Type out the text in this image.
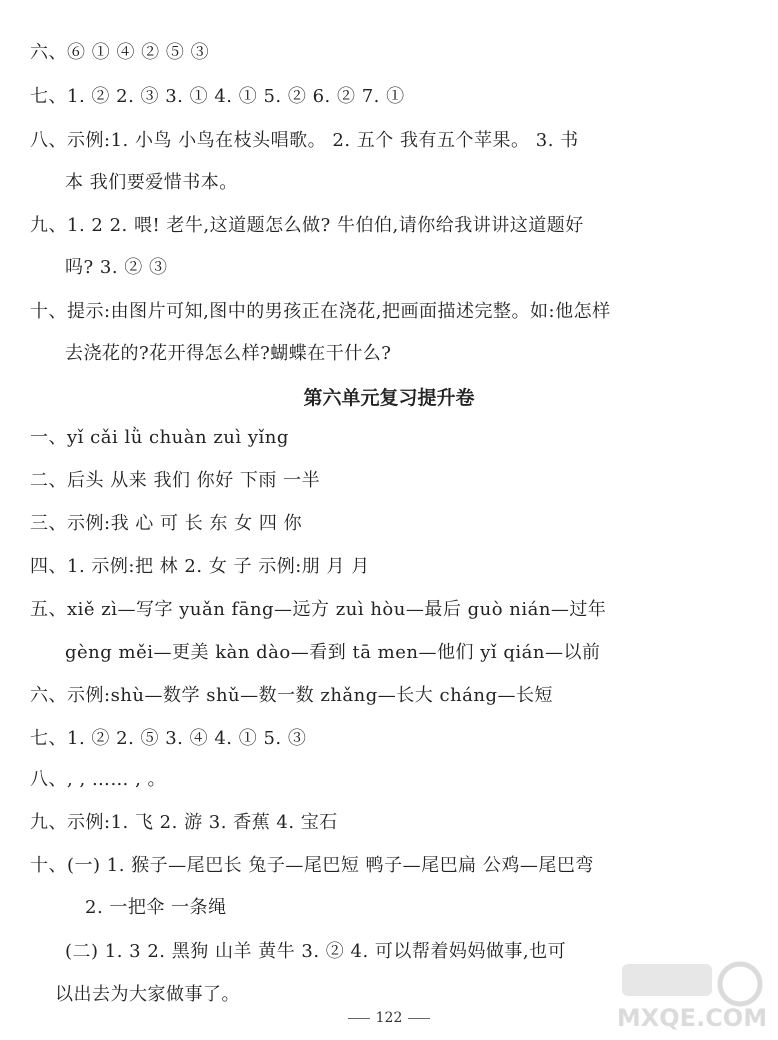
六、⑥ ① ④ ② ⑤ ③
七、1. ② 2. ③ 3. ① 4. ① 5. ② 6. ② 7. ①
八、示例:1. 小鸟 小鸟在枝头唱歌。 2. 五个 我有五个苹果。 3. 书
本 我们要爱惜书本。
九、1. 2 2. 喂! 老牛,这道题怎么做? 牛伯伯,请你给我讲讲这道题好
吗? 3. ② ③
十、提示:由图片可知,图中的男孩正在浇花,把画面描述完整。如:他怎样
去浇花的?花开得怎么样?蝴蝶在干什么?
第六单元复习提升卷
一、yǐ cǎi lǜ chuàn zuì yǐng
二、后头 从来 我们 你好 下雨 一半
三、示例:我 心 可 长 东 女 四 你
四、1. 示例:把 林 2. 女 子 示例:朋 月 月
五、xiě zì—写字 yuǎn fāng—远方 zuì hòu—最后 guò nián—过年
gèng měi—更美 kàn dào—看到 tā men—他们 yǐ qián—以前
六、示例:shù—数学 shǔ—数一数 zhǎng—长大 cháng—长短
七、1. ② 2. ⑤ 3. ④ 4. ① 5. ③
八、, , …… , 。
九、示例:1. 飞 2. 游 3. 香蕉 4. 宝石
十、(一) 1. 猴子—尾巴长 兔子—尾巴短 鸭子—尾巴扁 公鸡—尾巴弯
2. 一把伞 一条绳
(二) 1. 3 2. 黑狗 山羊 黄牛 3. ② 4. 可以帮着妈妈做事,也可
以出去为大家做事了。
122	MXQE.COM
